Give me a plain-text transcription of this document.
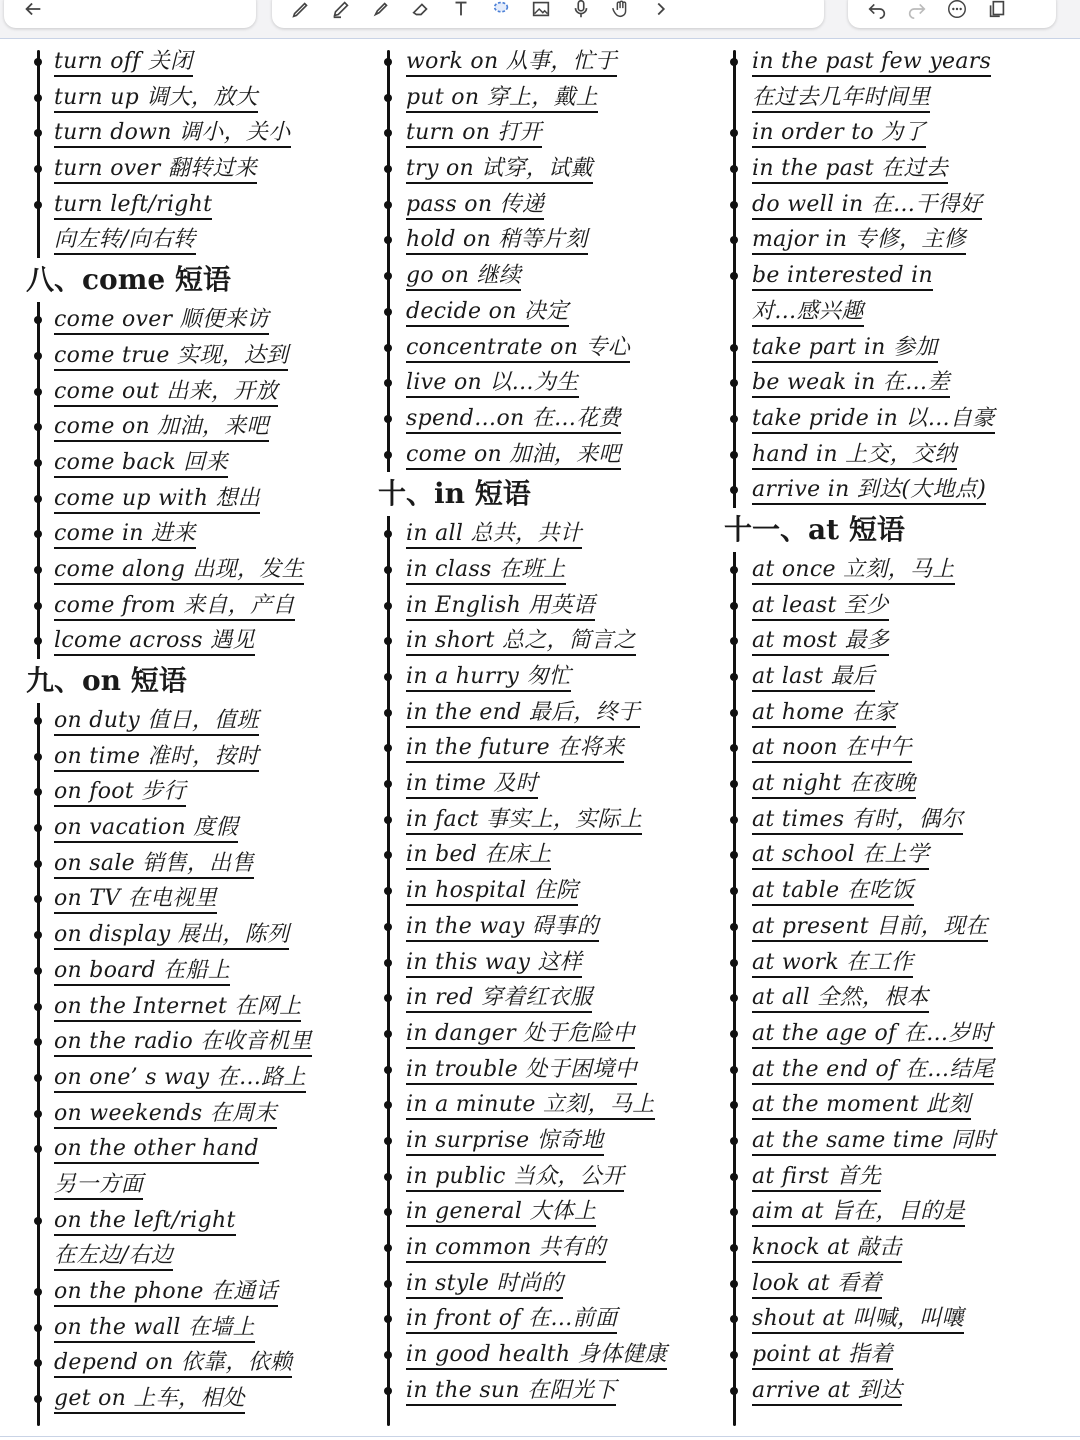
turn off 关闭
turn up 调大，放大
turn down 调小，关小
turn over 翻转过来
turn left/right
向左转/向右转
八、come 短语
come over 顺便来访
come true 实现，达到
come out 出来，开放
come on 加油，来吧
come back 回来
come up with 想出
come in 进来
come along 出现，发生
come from 来自，产自
lcome across 遇见
九、on 短语
on duty 值日，值班
on time 准时，按时
on foot 步行
on vacation 度假
on sale 销售，出售
on TV 在电视里
on display 展出，陈列
on board 在船上
on the Internet 在网上
on the radio 在收音机里
on one’ s way 在…路上
on weekends 在周末
on the other hand
另一方面
on the left/right
在左边/右边
on the phone 在通话
on the wall 在墙上
depend on 依靠，依赖
get on 上车，相处
work on 从事，忙于
put on 穿上，戴上
turn on 打开
try on 试穿，试戴
pass on 传递
hold on 稍等片刻
go on 继续
decide on 决定
concentrate on 专心
live on 以…为生
spend…on 在…花费
come on 加油，来吧
十、in 短语
in all 总共，共计
in class 在班上
in English 用英语
in short 总之，简言之
in a hurry 匆忙
in the end 最后，终于
in the future 在将来
in time 及时
in fact 事实上，实际上
in bed 在床上
in hospital 住院
in the way 碍事的
in this way 这样
in red 穿着红衣服
in danger 处于危险中
in trouble 处于困境中
in a minute 立刻，马上
in surprise 惊奇地
in public 当众，公开
in general 大体上
in common 共有的
in style 时尚的
in front of 在…前面
in good health 身体健康
in the sun 在阳光下
in the past few years
在过去几年时间里
in order to 为了
in the past 在过去
do well in 在…干得好
major in 专修，主修
be interested in
对…感兴趣
take part in 参加
be weak in 在…差
take pride in 以…自豪
hand in 上交，交纳
arrive in 到达(大地点)
十一、at 短语
at once 立刻，马上
at least 至少
at most 最多
at last 最后
at home 在家
at noon 在中午
at night 在夜晚
at times 有时，偶尔
at school 在上学
at table 在吃饭
at present 目前，现在
at work 在工作
at all 全然，根本
at the age of 在…岁时
at the end of 在…结尾
at the moment 此刻
at the same time 同时
at first 首先
aim at 旨在，目的是
knock at 敲击
look at 看着
shout at 叫喊，叫嚷
point at 指着
arrive at 到达
